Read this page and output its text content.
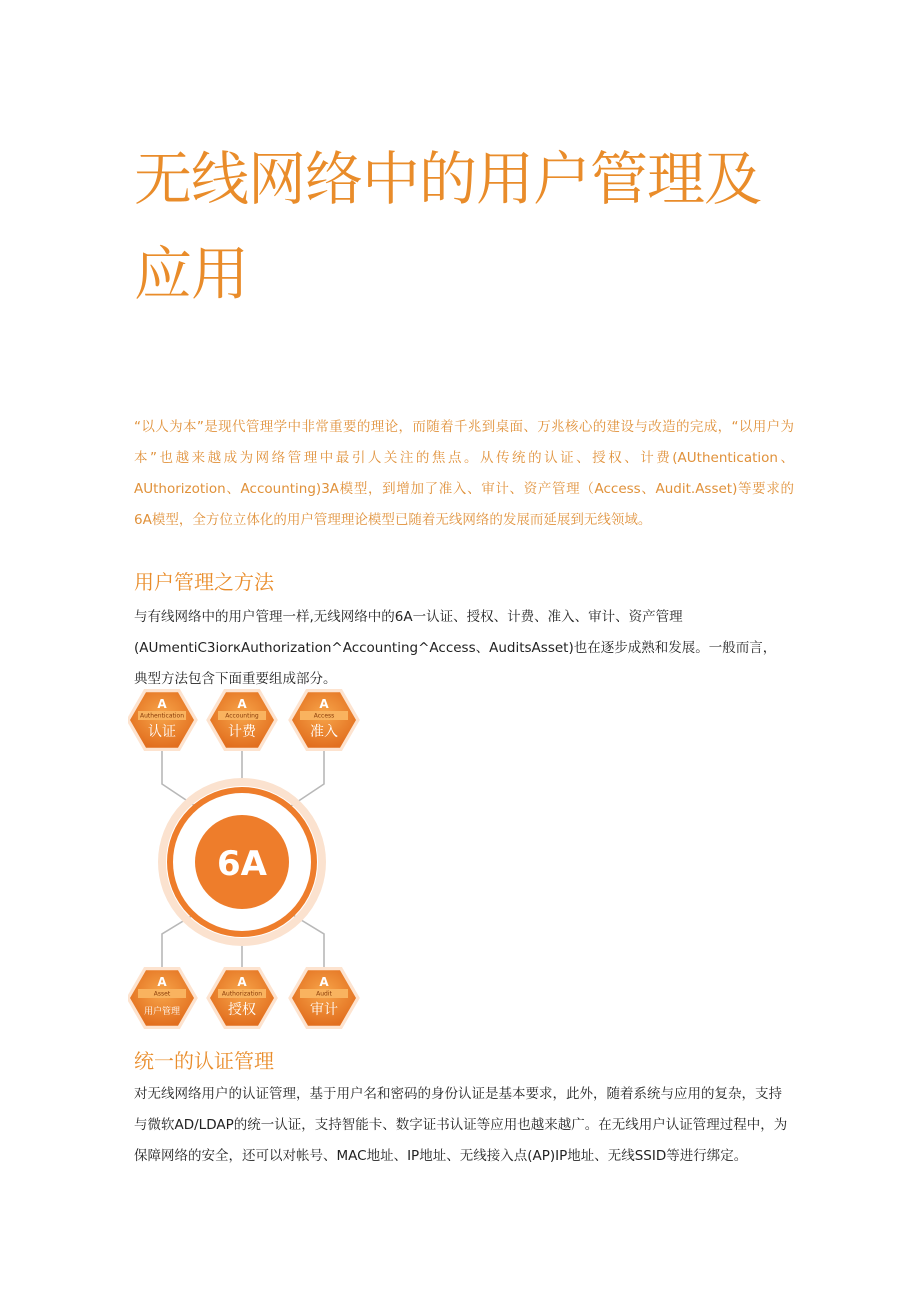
无线网络中的用户管理及应用

“以人为本”是现代管理学中非常重要的理论，而随着千兆到桌面、万兆核心的建设与改造的完成，“以用户为本”也越来越成为网络管理中最引人关注的焦点。从传统的认证、授权、计费(AUthentication、AUthorizotion、Accounting)3A模型，到增加了准入、审计、资产管理（Access、Audit.Asset)等要求的6A模型，全方位立体化的用户管理理论模型已随着无线网络的发展而延展到无线领域。

用户管理之方法

与有线网络中的用户管理一样,无线网络中的6A一认证、授权、计费、准入、审计、资产管理(AUmentiC3iorκAuthorization^Accounting^Access、AuditsAsset)也在逐步成熟和发展。一般而言，典型方法包含下面重要组成部分。

6A
A
Authentication
认证
A
Accounting
计费
A
Access
准入
A
Asset
用户管理
A
Authorization
授权
A
Audit
审计
统一的认证管理

对无线网络用户的认证管理，基于用户名和密码的身份认证是基本要求，此外，随着系统与应用的复杂，支持与微软AD/LDAP的统一认证，支持智能卡、数字证书认证等应用也越来越广。在无线用户认证管理过程中，为保障网络的安全，还可以对帐号、MAC地址、IP地址、无线接入点(AP)IP地址、无线SSID等进行绑定。
